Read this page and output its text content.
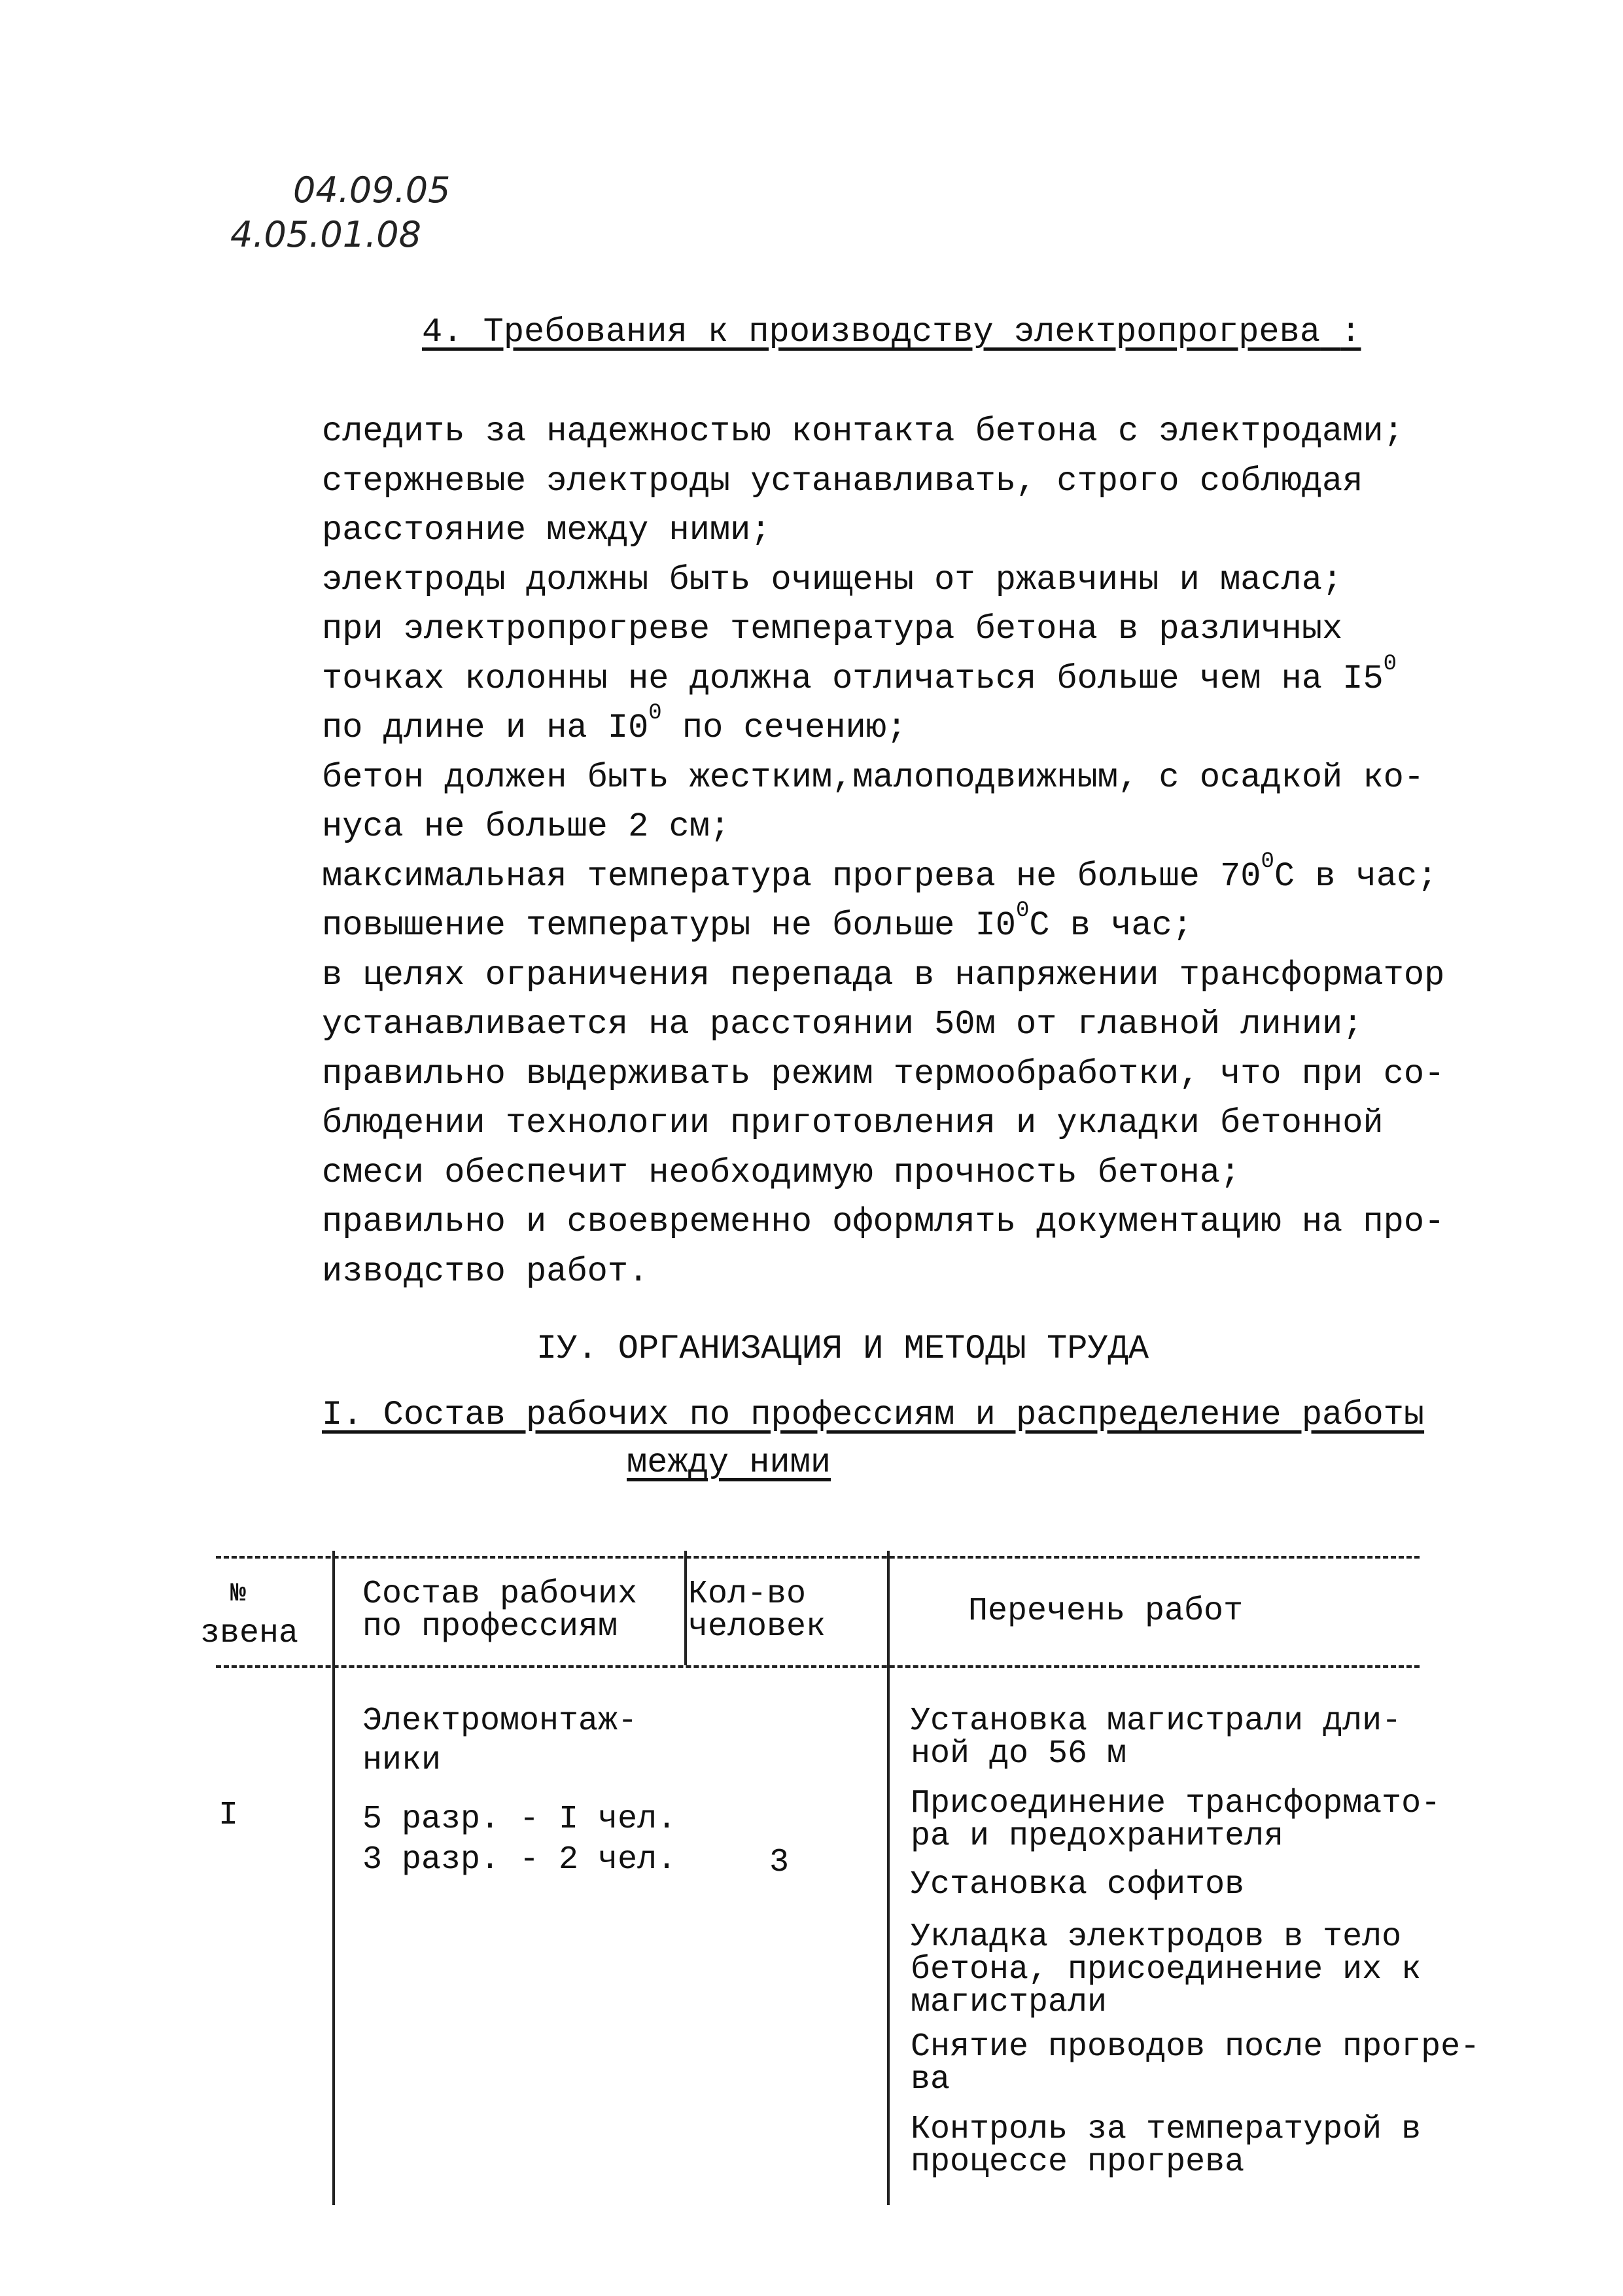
04.09.05
4.05.01.08
4. Требования к производству электропрогрева :
следить за надежностью контакта бетона с электродами;
стержневые электроды устанавливать, строго соблюдая
расстояние между ними;
электроды должны быть очищены от ржавчины и масла;
при электропрогреве температура бетона в различных
точках колонны не должна отличаться больше чем на $I5^0$
по длине и на $I0^0$ по сечению;
бетон должен быть жестким,малоподвижным, с осадкой ко-
нуса не больше 2 см;
максимальная температура прогрева не больше $70^0С$ в час;
повышение температуры не больше $I0^0С$ в час;
в целях ограничения перепада в напряжении трансформатор
устанавливается на расстоянии 50м от главной линии;
правильно выдерживать режим термообработки, что при со-
блюдении технологии приготовления и укладки бетонной
смеси обеспечит необходимую прочность бетона;
правильно и своевременно оформлять документацию на про-
изводство работ.
IУ. ОРГАНИЗАЦИЯ И МЕТОДЫ ТРУДА
I. Состав рабочих по профессиям и распределение работы
между ними
№
звена
Состав рабочих
по профессиям
Кол-во
человек	Перечень работ
I
Электромонтаж-
ники
5 разр. - I чел.
3 разр. - 2 чел.	3
Установка магистрали дли-
ной до 56 м
Присоединение трансформато-
ра и предохранителя
Установка софитов
Укладка электродов в тело
бетона, присоединение их к
магистрали
Снятие проводов после прогре-
ва
Контроль за температурой в
процессе прогрева
